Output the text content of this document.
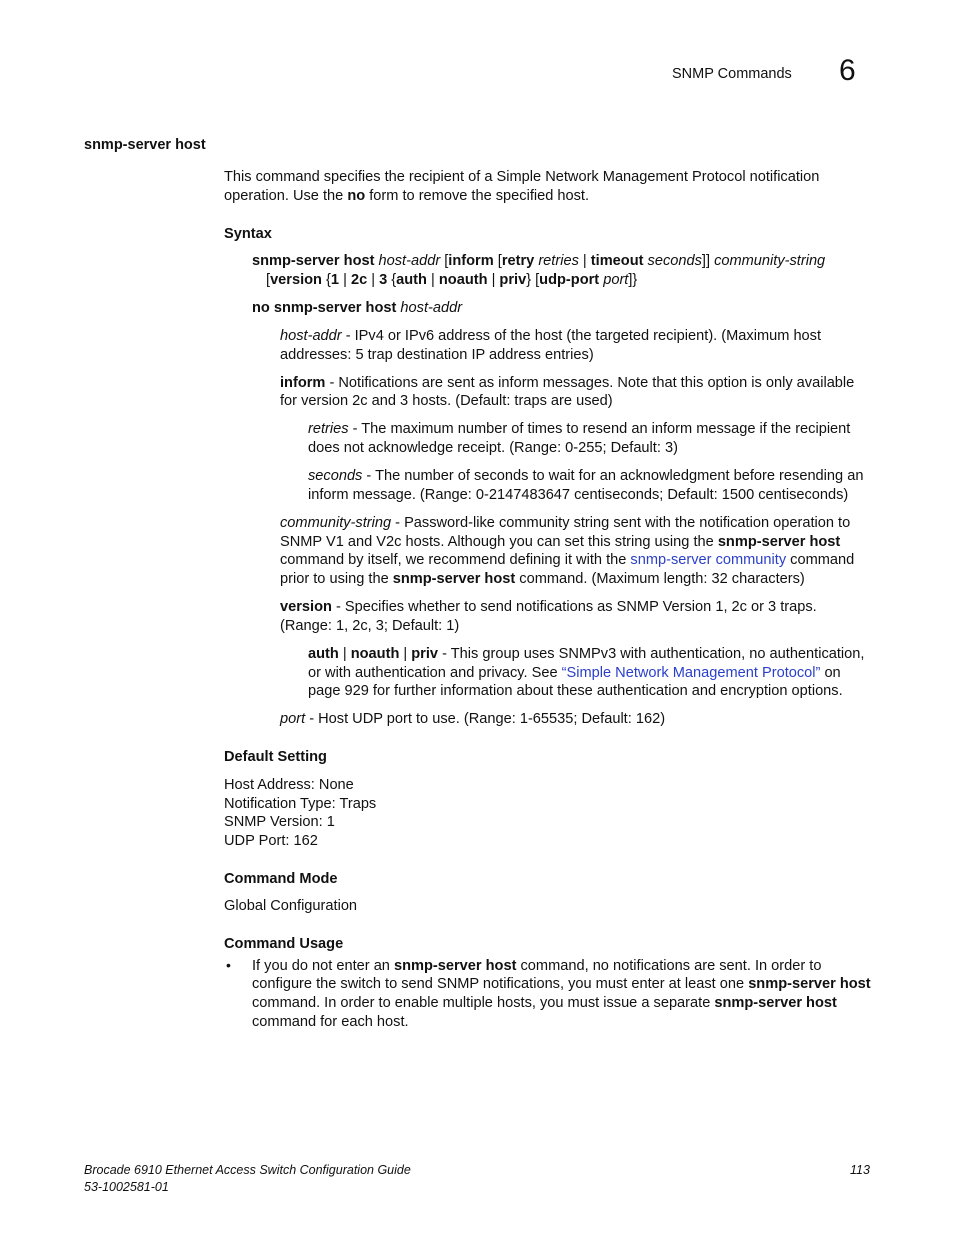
SNMP Commands 6
snmp-server host
This command specifies the recipient of a Simple Network Management Protocol notification
operation. Use the no form to remove the specified host.
Syntax
snmp-server host host-addr [inform [retry retries | timeout seconds]] community-string
[version {1 | 2c | 3 {auth | noauth | priv} [udp-port port]}
no snmp-server host host-addr
host-addr - IPv4 or IPv6 address of the host (the targeted recipient). (Maximum host
addresses: 5 trap destination IP address entries)
inform - Notifications are sent as inform messages. Note that this option is only available
for version 2c and 3 hosts. (Default: traps are used)
retries - The maximum number of times to resend an inform message if the recipient
does not acknowledge receipt. (Range: 0-255; Default: 3)
seconds - The number of seconds to wait for an acknowledgment before resending an
inform message. (Range: 0-2147483647 centiseconds; Default: 1500 centiseconds)
community-string - Password-like community string sent with the notification operation to
SNMP V1 and V2c hosts. Although you can set this string using the snmp-server host
command by itself, we recommend defining it with the snmp-server community command
prior to using the snmp-server host command. (Maximum length: 32 characters)
version - Specifies whether to send notifications as SNMP Version 1, 2c or 3 traps.
(Range: 1, 2c, 3; Default: 1)
auth | noauth | priv - This group uses SNMPv3 with authentication, no authentication,
or with authentication and privacy. See “Simple Network Management Protocol” on
page 929 for further information about these authentication and encryption options.
port - Host UDP port to use. (Range: 1-65535; Default: 162)
Default Setting
Host Address: None
Notification Type: Traps
SNMP Version: 1
UDP Port: 162
Command Mode
Global Configuration
Command Usage
• If you do not enter an snmp-server host command, no notifications are sent. In order to
configure the switch to send SNMP notifications, you must enter at least one snmp-server host
command. In order to enable multiple hosts, you must issue a separate snmp-server host
command for each host.
Brocade 6910 Ethernet Access Switch Configuration Guide
53-1002581-01
113
